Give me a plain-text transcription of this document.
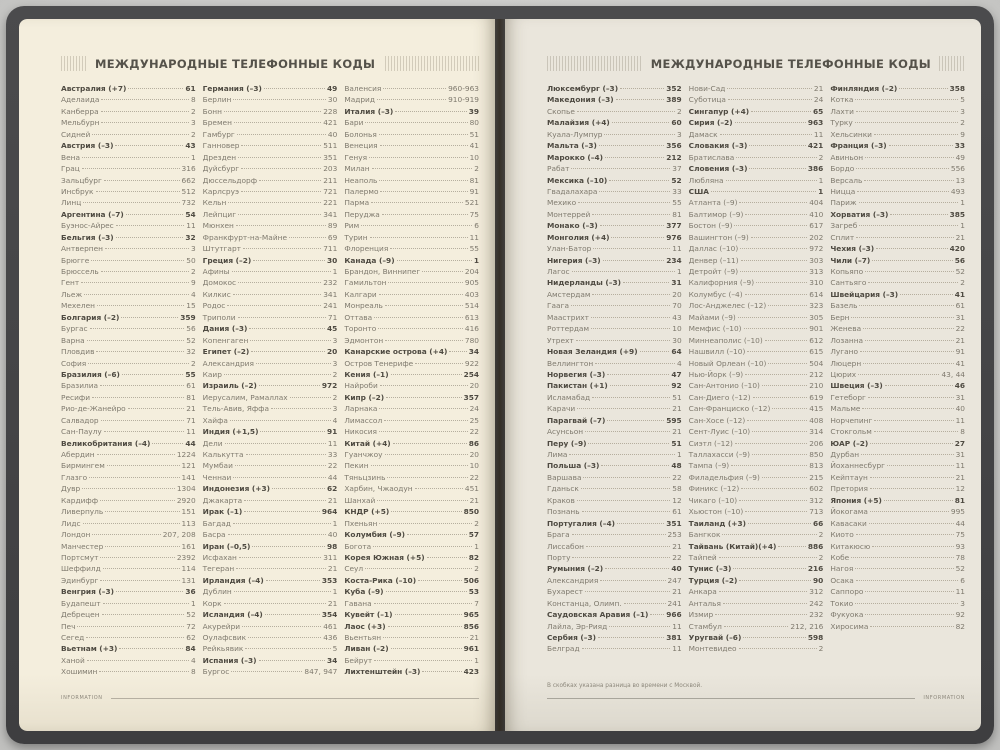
МЕЖДУНАРОДНЫЕ ТЕЛЕФОННЫЕ КОДЫ
Австралия (+7)	61
Аделаида	8
Канберра	2
Мельбурн	3
Сидней	2
Австрия (–3)	43
Вена	1
Грац	316
Зальцбург	662
Инсбрук	512
Линц	732
Аргентина (–7)	54
Буэнос-Айрес	11
Бельгия (–3)	32
Антверпен	3
Брюгге	50
Брюссель	2
Гент	9
Льеж	4
Мехелен	15
Болгария (–2)	359
Бургас	56
Варна	52
Пловдив	32
София	2
Бразилия (–6)	55
Бразилиа	61
Ресифи	81
Рио-де-Жанейро	21
Салвадор	71
Сан-Паулу	11
Великобритания (–4)	44
Абердин	1224
Бирмингем	121
Глазго	141
Дувр	1304
Кардифф	2920
Ливерпуль	151
Лидс	113
Лондон	207, 208
Манчестер	161
Портсмут	2392
Шеффилд	114
Эдинбург	131
Венгрия (–3)	36
Будапешт	1
Дебрецен	52
Печ	72
Сегед	62
Вьетнам (+3)	84
Ханой	4
Хошимин	8
Германия (–3)	49
Берлин	30
Бонн	228
Бремен	421
Гамбург	40
Ганновер	511
Дрезден	351
Дуйсбург	203
Дюссельдорф	211
Карлсруэ	721
Кельн	221
Лейпциг	341
Мюнхен	89
Франкфурт-на-Майне	69
Штутгарт	711
Греция (–2)	30
Афины	1
Домокос	232
Килкис	341
Родос	241
Триполи	71
Дания (–3)	45
Копенгаген	3
Египет (–2)	20
Александрия	3
Каир	2
Израиль (–2)	972
Иерусалим, Рамаллах	2
Тель-Авив, Яффа	3
Хайфа	4
Индия (+1,5)	91
Дели	11
Калькутта	33
Мумбаи	22
Ченнаи	44
Индонезия (+3)	62
Джакарта	21
Ирак (–1)	964
Багдад	1
Басра	40
Иран (–0,5)	98
Исфахан	311
Тегеран	21
Ирландия (–4)	353
Дублин	1
Корк	21
Исландия (–4)	354
Акурейри	461
Оулафсвик	436
Рейкьявик	5
Испания (–3)	34
Бургос	847, 947
Валенсия	960-963
Мадрид	910-919
Италия (–3)	39
Бари	80
Болонья	51
Венеция	41
Генуя	10
Милан	2
Неаполь	81
Палермо	91
Парма	521
Перуджа	75
Рим	6
Турин	11
Флоренция	55
Канада (–9)	1
Брандон, Виннипег	204
Гамильтон	905
Калгари	403
Монреаль	514
Оттава	613
Торонто	416
Эдмонтон	780
Канарские острова (+4)	34
Остров Тенерифе	922
Кения (–1)	254
Найроби	20
Кипр (–2)	357
Ларнака	24
Лимассол	25
Никосия	22
Китай (+4)	86
Гуанчжоу	20
Пекин	10
Тяньцзинь	22
Харбин, Чжаодун	451
Шанхай	21
КНДР (+5)	850
Пхеньян	2
Колумбия (–9)	57
Богота	1
Корея Южная (+5)	82
Сеул	2
Коста-Рика (–10)	506
Куба (–9)	53
Гавана	7
Кувейт (–1)	965
Лаос (+3)	856
Вьентьян	21
Ливан (–2)	961
Бейрут	1
Лихтенштейн (–3)	423
INFORMATION
МЕЖДУНАРОДНЫЕ ТЕЛЕФОННЫЕ КОДЫ
Люксембург (–3)	352
Македония (–3)	389
Скопье	2
Малайзия (+4)	60
Куала-Лумпур	3
Мальта (–3)	356
Марокко (–4)	212
Рабат	37
Мексика (–10)	52
Гвадалахара	33
Мехико	55
Монтеррей	81
Монако (–3)	377
Монголия (+4)	976
Улан-Батор	11
Нигерия (–3)	234
Лагос	1
Нидерланды (–3)	31
Амстердам	20
Гаага	70
Маастрихт	43
Роттердам	10
Утрехт	30
Новая Зеландия (+9)	64
Веллингтон	4
Норвегия (–3)	47
Пакистан (+1)	92
Исламабад	51
Карачи	21
Парагвай (–7)	595
Асунсьон	21
Перу (–9)	51
Лима	1
Польша (–3)	48
Варшава	22
Гданьск	58
Краков	12
Познань	61
Португалия (–4)	351
Брага	253
Лиссабон	21
Порту	22
Румыния (–2)	40
Александрия	247
Бухарест	21
Констанца, Олимп.	241
Саудовская Аравия (–1) 966
Лайла, Эр-Рияд	11
Сербия (–3)	381
Белград	11
Нови-Сад	21
Суботица	24
Сингапур (+4)	65
Сирия (–2)	963
Дамаск	11
Словакия (–3)	421
Братислава	2
Словения (–3)	386
Любляна	1
США	1
Атланта (–9)	404
Балтимор (–9)	410
Бостон (–9)	617
Вашингтон (–9)	202
Даллас (–10)	972
Денвер (–11)	303
Детройт (–9)	313
Калифорния (–9)	310
Колумбус (–4)	614
Лос-Анджелес (–12)	323
Майами (–9)	305
Мемфис (–10)	901
Миннеаполис (–10)	612
Нашвилл (–10)	615
Новый Орлеан (–10)	504
Нью-Йорк (–9)	212
Сан-Антонио (–10)	210
Сан-Диего (–12)	619
Сан-Франциско (–12)	415
Сан-Хосе (–12)	408
Сент-Луис (–10)	314
Сиэтл (–12)	206
Таллахасси (–9)	850
Тампа (–9)	813
Филадельфия (–9)	215
Финикс (–12)	602
Чикаго (–10)	312
Хьюстон (–10)	713
Таиланд (+3)	66
Бангкок	2
Тайвань (Китай)(+4)	886
Тайпей	2
Тунис (–3)	216
Турция (–2)	90
Анкара	312
Анталья	242
Измир	232
Стамбул	212, 216
Уругвай (–6)	598
Монтевидео	2
Финляндия (–2)	358
Котка	5
Лахти	3
Турку	2
Хельсинки	9
Франция (–3)	33
Авиньон	49
Бордо	556
Версаль	13
Ницца	493
Париж	1
Хорватия (–3)	385
Загреб	1
Сплит	21
Чехия (–3)	420
Чили (–7)	56
Копьяпо	52
Сантьяго	2
Швейцария (–3)	41
Базель	61
Берн	31
Женева	22
Лозанна	21
Лугано	91
Люцерн	41
Цюрих	43, 44
Швеция (–3)	46
Гетеборг	31
Мальме	40
Норчепинг	11
Стокгольм	8
ЮАР (–2)	27
Дурбан	31
Йоханнесбург	11
Кейптаун	21
Претория	12
Япония (+5)	81
Йокогама	995
Кавасаки	44
Киото	75
Китакюсю	93
Кобе	78
Нагоя	52
Осака	6
Саппоро	11
Токио	3
Фукуока	92
Хиросима	82
В скобках указана разница во времени с Москвой.
INFORMATION
